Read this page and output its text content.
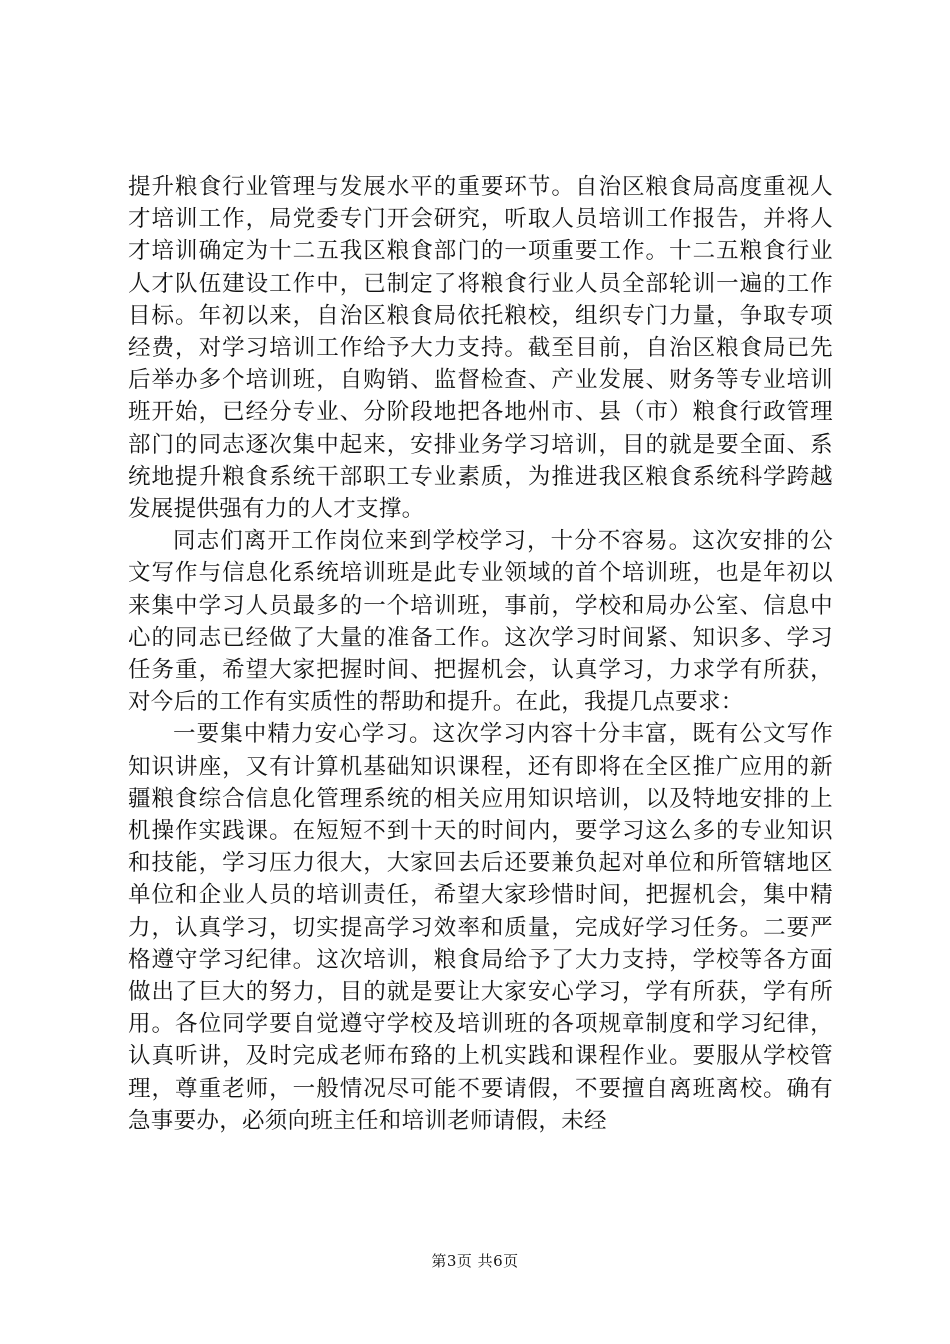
提升粮食行业管理与发展水平的重要环节。自治区粮食局高度重视人才培训工作，局党委专门开会研究，听取人员培训工作报告，并将人才培训确定为十二五我区粮食部门的一项重要工作。十二五粮食行业人才队伍建设工作中，已制定了将粮食行业人员全部轮训一遍的工作目标。年初以来，自治区粮食局依托粮校，组织专门力量，争取专项经费，对学习培训工作给予大力支持。截至目前，自治区粮食局已先后举办多个培训班，自购销、监督检查、产业发展、财务等专业培训班开始，已经分专业、分阶段地把各地州市、县（市）粮食行政管理部门的同志逐次集中起来，安排业务学习培训，目的就是要全面、系统地提升粮食系统干部职工专业素质，为推进我区粮食系统科学跨越发展提供强有力的人才支撑。

同志们离开工作岗位来到学校学习，十分不容易。这次安排的公文写作与信息化系统培训班是此专业领域的首个培训班，也是年初以来集中学习人员最多的一个培训班，事前，学校和局办公室、信息中心的同志已经做了大量的准备工作。这次学习时间紧、知识多、学习任务重，希望大家把握时间、把握机会，认真学习，力求学有所获，对今后的工作有实质性的帮助和提升。在此，我提几点要求：

一要集中精力安心学习。这次学习内容十分丰富，既有公文写作知识讲座，又有计算机基础知识课程，还有即将在全区推广应用的新疆粮食综合信息化管理系统的相关应用知识培训，以及特地安排的上机操作实践课。在短短不到十天的时间内，要学习这么多的专业知识和技能，学习压力很大，大家回去后还要兼负起对单位和所管辖地区单位和企业人员的培训责任，希望大家珍惜时间，把握机会，集中精力，认真学习，切实提高学习效率和质量，完成好学习任务。二要严格遵守学习纪律。这次培训，粮食局给予了大力支持，学校等各方面做出了巨大的努力，目的就是要让大家安心学习，学有所获，学有所用。各位同学要自觉遵守学校及培训班的各项规章制度和学习纪律，认真听讲，及时完成老师布臵的上机实践和课程作业。要服从学校管理，尊重老师，一般情况尽可能不要请假，不要擅自离班离校。确有急事要办，必须向班主任和培训老师请假，未经

第3页 共6页
